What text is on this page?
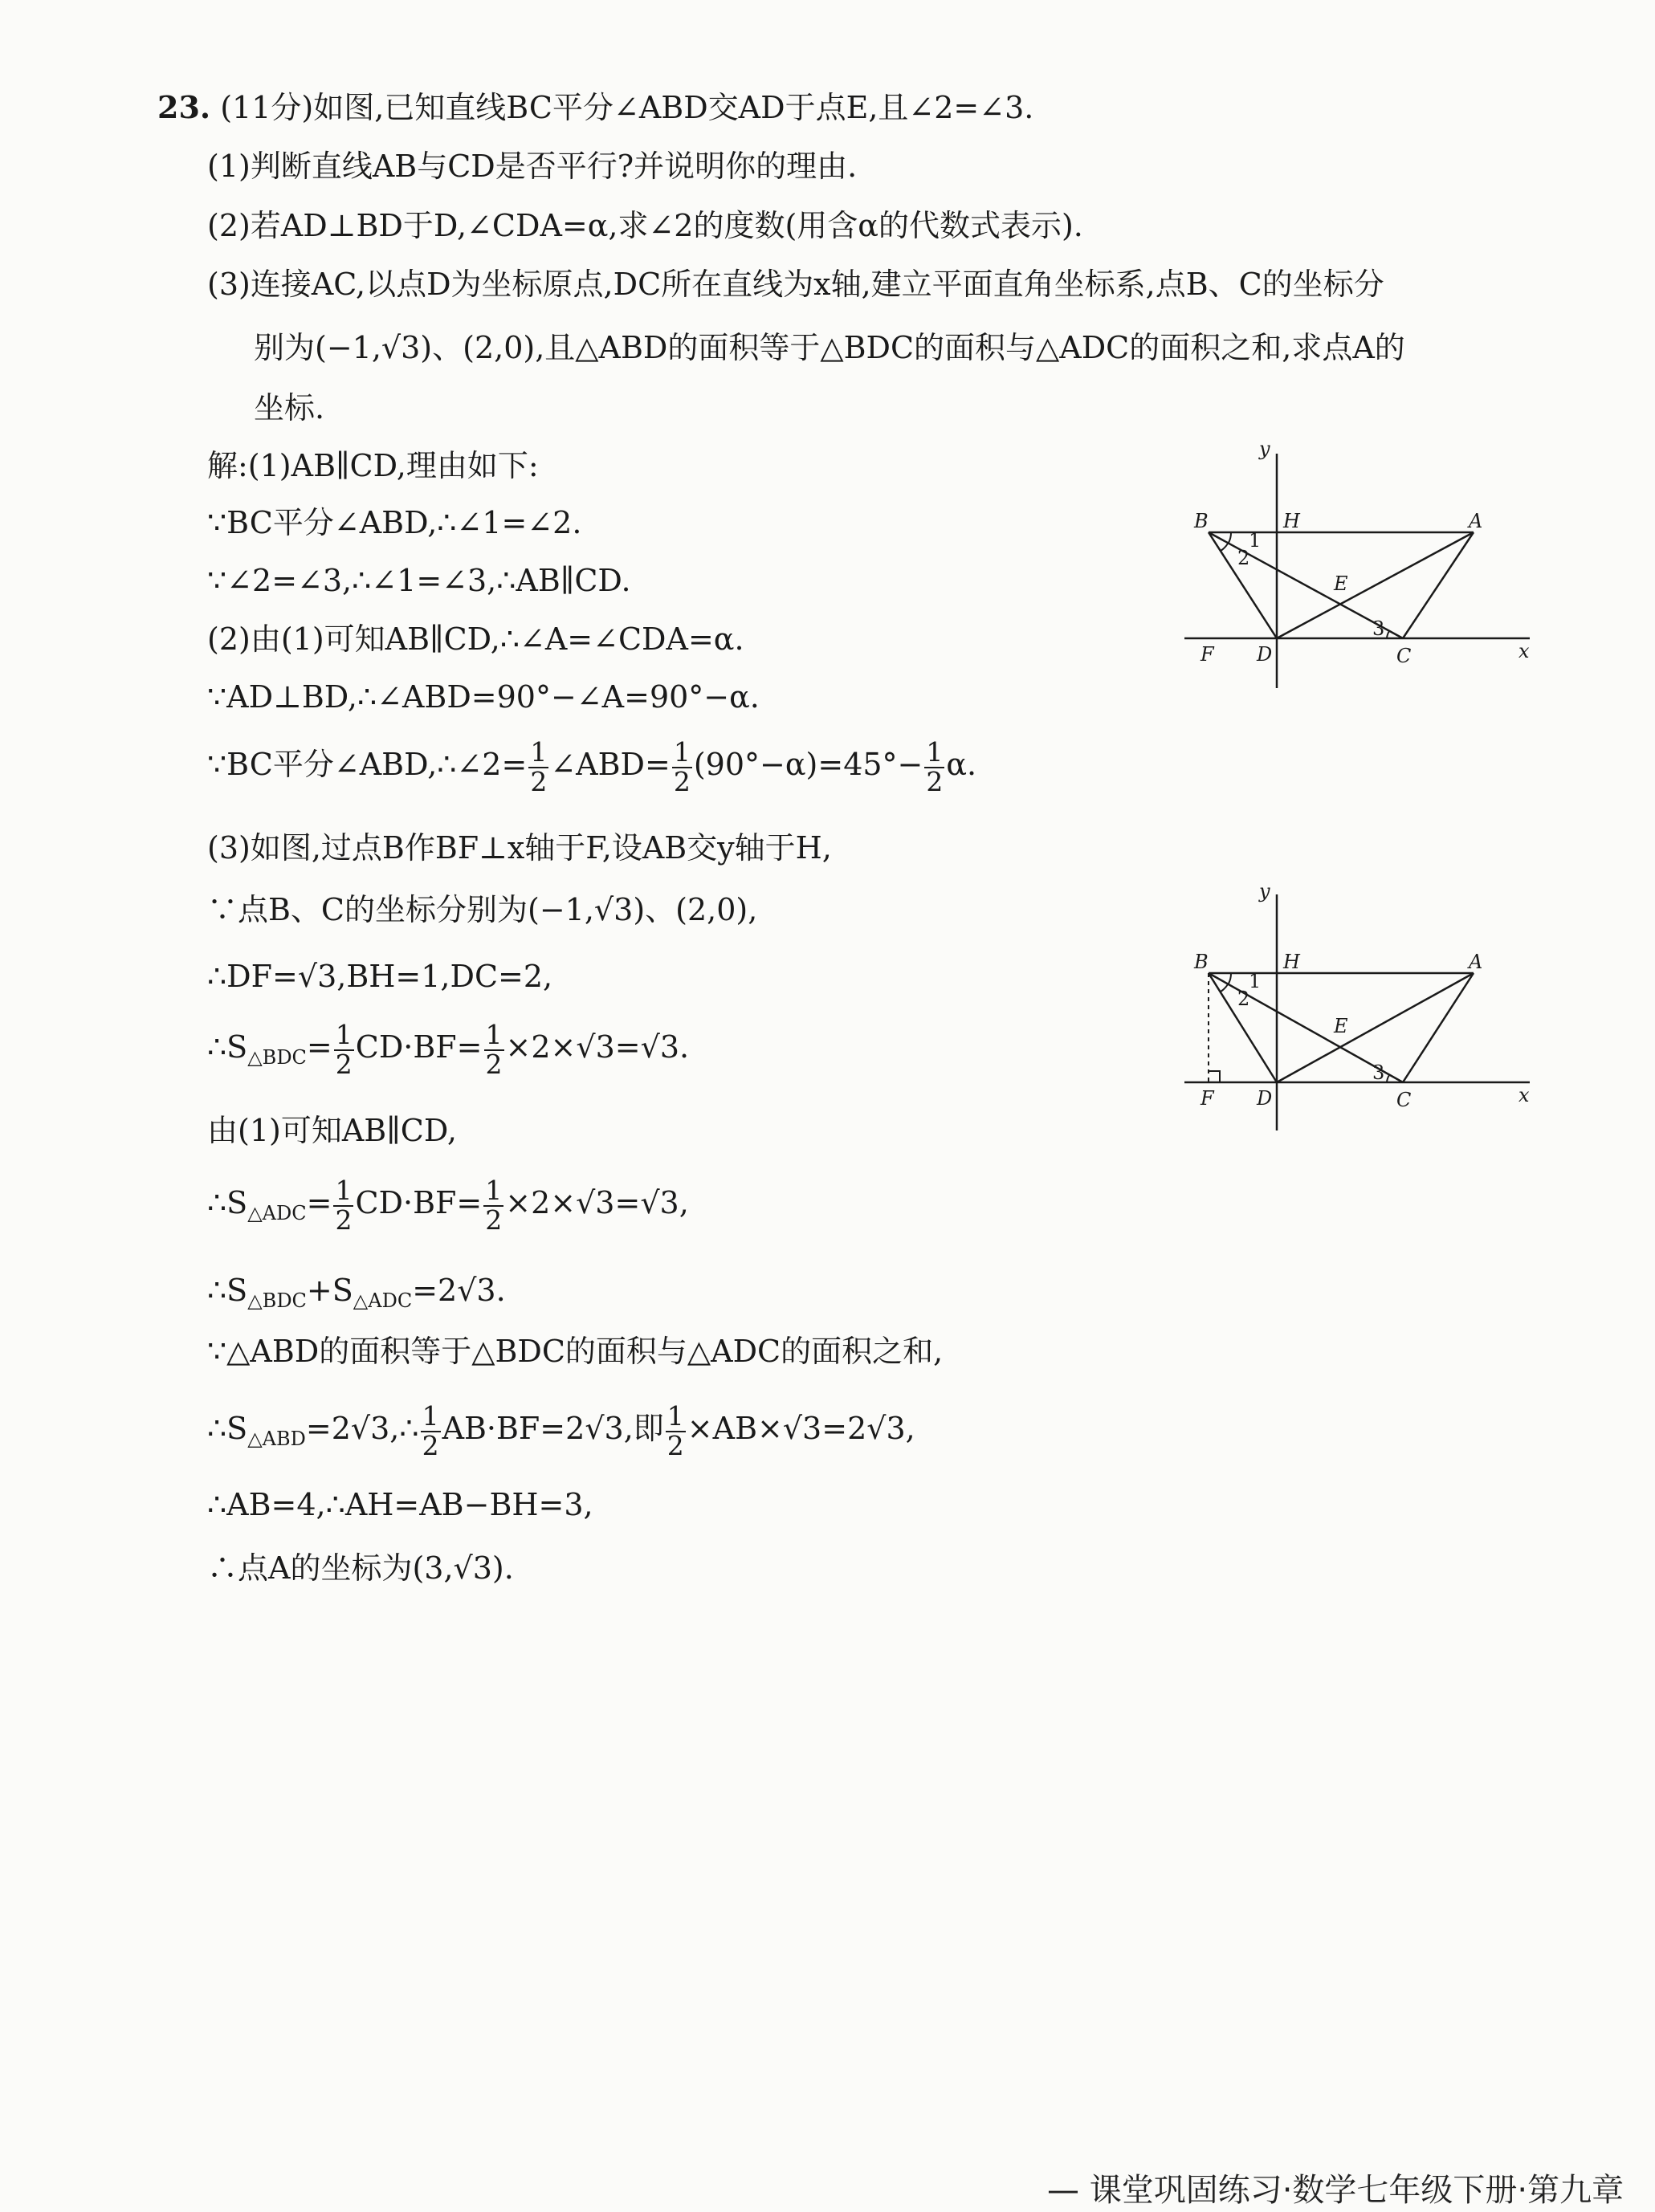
23. (11分)如图,已知直线BC平分∠ABD交AD于点E,且∠2=∠3.
(1)判断直线AB与CD是否平行?并说明你的理由.
(2)若AD⊥BD于D,∠CDA=α,求∠2的度数(用含α的代数式表示).
(3)连接AC,以点D为坐标原点,DC所在直线为x轴,建立平面直角坐标系,点B、C的坐标分
别为(−1,√3)、(2,0),且△ABD的面积等于△BDC的面积与△ADC的面积之和,求点A的
坐标.
解:(1)AB∥CD,理由如下:
∵BC平分∠ABD,∴∠1=∠2.
∵∠2=∠3,∴∠1=∠3,∴AB∥CD.
(2)由(1)可知AB∥CD,∴∠A=∠CDA=α.
∵AD⊥BD,∴∠ABD=90°−∠A=90°−α.
∵BC平分∠ABD,∴∠2= $\frac{1}{2}$ ∠ABD= $\frac{1}{2} (90^\circ-\alpha)=45^\circ- \frac{1}{2} \alpha$.
(3)如图,过点B作BF⊥x轴于F,设AB交y轴于H,
∵点B、C的坐标分别为(−1,√3)、(2,0),
∴DF=√3,BH=1,DC=2,
$\therefore S_{\triangle BDC}= \frac{1}{2} CD\cdot BF= \frac{1}{2} \times 2\times√3=√3$.
由(1)可知AB∥CD,
$\therefore S_{\triangle ADC}= \frac{1}{2} CD\cdot BF= \frac{1}{2} \times 2\times√3=√3$,
$\therefore S_{\triangle BDC}+S_{\triangle ADC}=2√3$.
∵△ABD的面积等于△BDC的面积与△ADC的面积之和,
$\therefore S_{\triangle ABD}=2√3,\therefore \frac{1}{2} AB\cdot BF=2√3$,即 $\frac{1}{2} \times AB\times√3=2√3$,
∴AB=4,∴AH=AB−BH=3,
∴点A的坐标为(3,√3).
y
B	H	A
1
2
E
3
F D	C	x
y
B	H	A
1
2
E
3
F D	C	x
— 课堂巩固练习·数学七年级下册·第九章
